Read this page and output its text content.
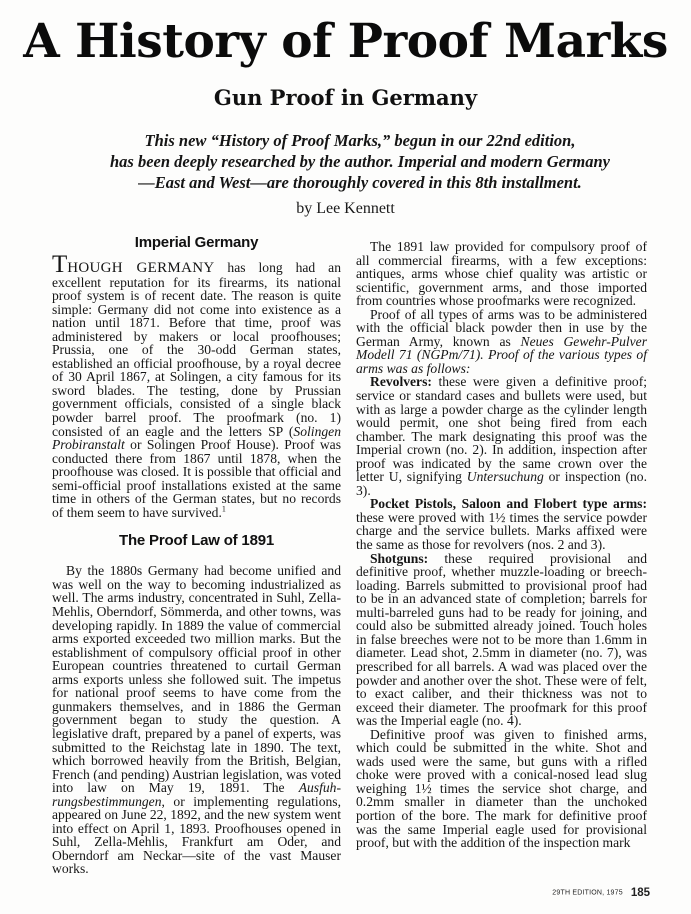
A History of Proof Marks
Gun Proof in Germany
This new “History of Proof Marks,” begun in our 22nd edition,
has been deeply researched by the author. Imperial and modern Germany
—East and West—are thoroughly covered in this 8th installment.
by Lee Kennett
Imperial Germany

THOUGH GERMANY has long had an excellent reputation for its firearms, its national proof system is of recent date. The reason is quite simple: Germany did not come into existence as a nation until 1871. Before that time, proof was administered by makers or local proofhouses; Prussia, one of the 30-odd German states, established an official proofhouse, by a royal decree of 30 April 1867, at Solingen, a city famous for its sword blades. The testing, done by Prussian government officials, consisted of a single black powder barrel proof. The proofmark (no. 1) consisted of an eagle and the letters SP (Solingen Probiranstalt or Solingen Proof House). Proof was conducted there from 1867 until 1878, when the proofhouse was closed. It is possible that official and semi-official proof installations existed at the same time in others of the German states, but no records of them seem to have survived.$^1$

The Proof Law of 1891

By the 1880s Germany had become unified and was well on the way to becoming industrialized as well. The arms industry, concentrated in Suhl, Zella-Mehlis, Oberndorf, Sömmerda, and other towns, was developing rapidly. In 1889 the value of commercial arms exported exceeded two million marks. But the establishment of compulsory official proof in other European countries threatened to curtail German arms exports unless she followed suit. The impetus for national proof seems to have come from the gunmakers themselves, and in 1886 the German government began to study the question. A legislative draft, prepared by a panel of experts, was submitted to the Reichstag late in 1890. The text, which borrowed heavily from the British, Belgian, French (and pending) Austrian legislation, was voted into law on May 19, 1891. The Ausfuhrungsbestimmungen, or implementing regulations, appeared on June 22, 1892, and the new system went into effect on April 1, 1893. Proofhouses opened in Suhl, Zella-Mehlis, Frankfurt am Oder, and Oberndorf am Neckar—site of the vast Mauser works.

The 1891 law provided for compulsory proof of all commercial firearms, with a few exceptions: antiques, arms whose chief quality was artistic or scientific, government arms, and those imported from countries whose proofmarks were recognized.

Proof of all types of arms was to be administered with the official black powder then in use by the German Army, known as Neues Gewehr-Pulver Modell 71 (NGPm/71). Proof of the various types of arms was as follows:

Revolvers: these were given a definitive proof; service or standard cases and bullets were used, but with as large a powder charge as the cylinder length would permit, one shot being fired from each chamber. The mark designating this proof was the Imperial crown (no. 2). In addition, inspection after proof was indicated by the same crown over the letter U, signifying Untersuchung or inspection (no. 3).

Pocket Pistols, Saloon and Flobert type arms: these were proved with 1½ times the service powder charge and the service bullets. Marks affixed were the same as those for revolvers (nos. 2 and 3).

Shotguns: these required provisional and definitive proof, whether muzzle-loading or breechloading. Barrels submitted to provisional proof had to be in an advanced state of completion; barrels for multi-barreled guns had to be ready for joining, and could also be submitted already joined. Touch holes in false breeches were not to be more than 1.6mm in diameter. Lead shot, 2.5mm in diameter (no. 7), was prescribed for all barrels. A wad was placed over the powder and another over the shot. These were of felt, to exact caliber, and their thickness was not to exceed their diameter. The proofmark for this proof was the Imperial eagle (no. 4).

Definitive proof was given to finished arms, which could be submitted in the white. Shot and wads used were the same, but guns with a rifled choke were proved with a conical-nosed lead slug weighing 1½ times the service shot charge, and 0.2mm smaller in diameter than the unchoked portion of the bore. The mark for definitive proof was the same Imperial eagle used for provisional proof, but with the addition of the inspection mark

29TH EDITION, 1975 185
